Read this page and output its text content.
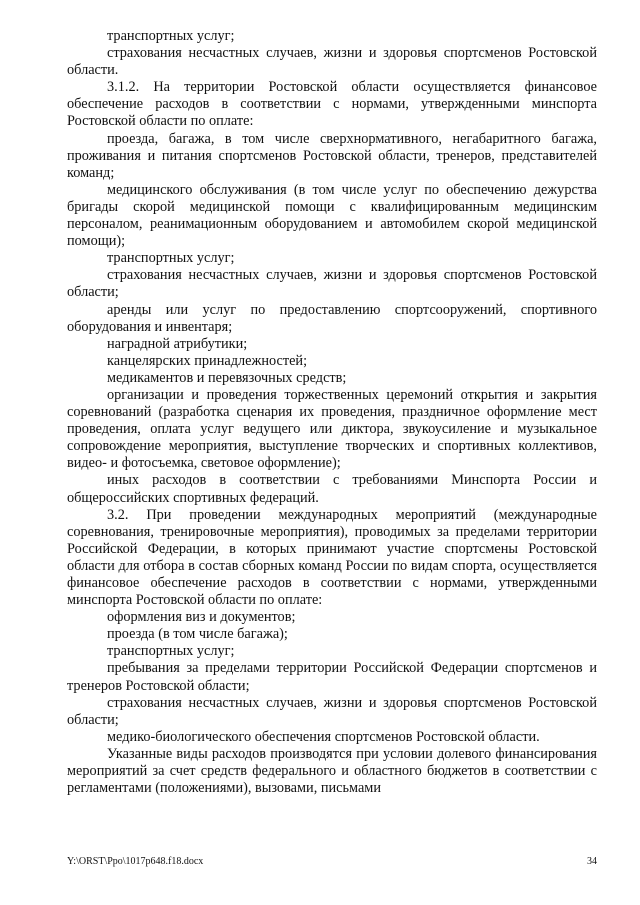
транспортных услуг;

страхования несчастных случаев, жизни и здоровья спортсменов Ростовской области.

3.1.2. На территории Ростовской области осуществляется финансовое обеспечение расходов в соответствии с нормами, утвержденными минспорта Ростовской области по оплате:

проезда, багажа, в том числе сверхнормативного, негабаритного багажа, проживания и питания спортсменов Ростовской области, тренеров, представителей команд;

медицинского обслуживания (в том числе услуг по обеспечению дежурства бригады скорой медицинской помощи с квалифицированным медицинским персоналом, реанимационным оборудованием и автомобилем скорой медицинской помощи);

транспортных услуг;

страхования несчастных случаев, жизни и здоровья спортсменов Ростовской области;

аренды или услуг по предоставлению спортсооружений, спортивного оборудования и инвентаря;

наградной атрибутики;

канцелярских принадлежностей;

медикаментов и перевязочных средств;

организации и проведения торжественных церемоний открытия и закрытия соревнований (разработка сценария их проведения, праздничное оформление мест проведения, оплата услуг ведущего или диктора, звукоусиление и музыкальное сопровождение мероприятия, выступление творческих и спортивных коллективов, видео- и фотосъемка, световое оформление);

иных расходов в соответствии с требованиями Минспорта России и общероссийских спортивных федераций.

3.2. При проведении международных мероприятий (международные соревнования, тренировочные мероприятия), проводимых за пределами территории Российской Федерации, в которых принимают участие спортсмены Ростовской области для отбора в состав сборных команд России по видам спорта, осуществляется финансовое обеспечение расходов в соответствии с нормами, утвержденными минспорта Ростовской области по оплате:

оформления виз и документов;

проезда (в том числе багажа);

транспортных услуг;

пребывания за пределами территории Российской Федерации спортсменов и тренеров Ростовской области;

страхования несчастных случаев, жизни и здоровья спортсменов Ростовской области;

медико-биологического обеспечения спортсменов Ростовской области.

Указанные виды расходов производятся при условии долевого финансирования мероприятий за счет средств федерального и областного бюджетов в соответствии с регламентами (положениями), вызовами, письмами

Y:\ORST\Ppo\1017p648.f18.docx	34
